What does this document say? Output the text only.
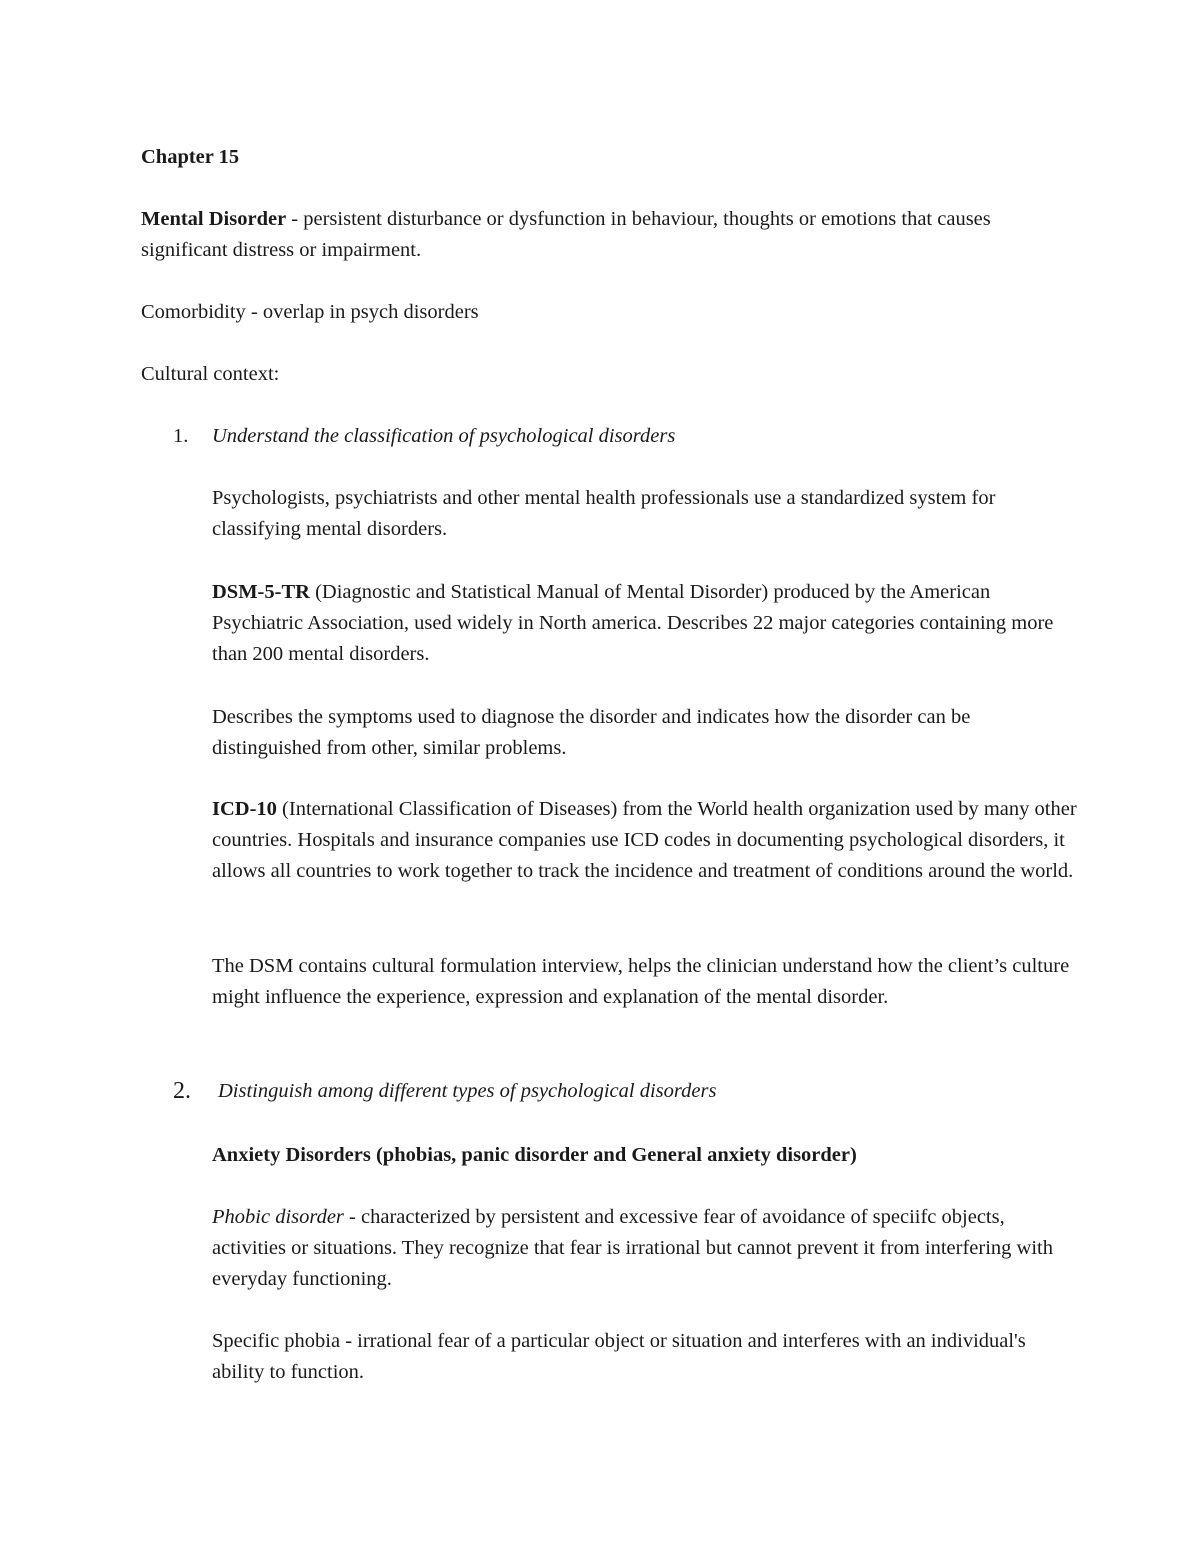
Chapter 15

Mental Disorder - persistent disturbance or dysfunction in behaviour, thoughts or emotions that causes significant distress or impairment.

Comorbidity - overlap in psych disorders

Cultural context:

1. Understand the classification of psychological disorders

Psychologists, psychiatrists and other mental health professionals use a standardized system for classifying mental disorders.

DSM-5-TR (Diagnostic and Statistical Manual of Mental Disorder) produced by the American Psychiatric Association, used widely in North america. Describes 22 major categories containing more than 200 mental disorders.

Describes the symptoms used to diagnose the disorder and indicates how the disorder can be distinguished from other, similar problems.

ICD-10 (International Classification of Diseases) from the World health organization used by many other countries. Hospitals and insurance companies use ICD codes in documenting psychological disorders, it allows all countries to work together to track the incidence and treatment of conditions around the world.

The DSM contains cultural formulation interview, helps the clinician understand how the client’s culture might influence the experience, expression and explanation of the mental disorder.

2. Distinguish among different types of psychological disorders

Anxiety Disorders (phobias, panic disorder and General anxiety disorder)

Phobic disorder - characterized by persistent and excessive fear of avoidance of speciifc objects, activities or situations. They recognize that fear is irrational but cannot prevent it from interfering with everyday functioning.

Specific phobia - irrational fear of a particular object or situation and interferes with an individual's ability to function.
